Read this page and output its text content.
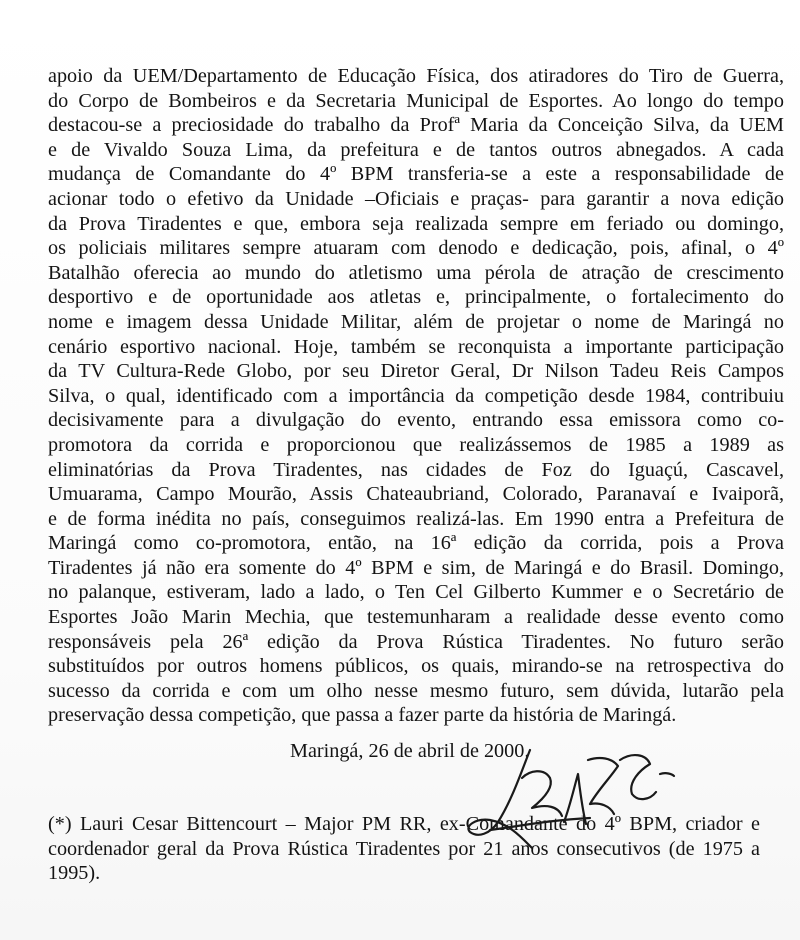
apoio da UEM/Departamento de Educação Física, dos atiradores do Tiro de Guerra,
do Corpo de Bombeiros e da Secretaria Municipal de Esportes. Ao longo do tempo
destacou-se a preciosidade do trabalho da Profª Maria da Conceição Silva, da UEM
e de Vivaldo Souza Lima, da prefeitura e de tantos outros abnegados. A cada
mudança de Comandante do 4º BPM transferia-se a este a responsabilidade de
acionar todo o efetivo da Unidade –Oficiais e praças- para garantir a nova edição
da Prova Tiradentes e que, embora seja realizada sempre em feriado ou domingo,
os policiais militares sempre atuaram com denodo e dedicação, pois, afinal, o 4º
Batalhão oferecia ao mundo do atletismo uma pérola de atração de crescimento
desportivo e de oportunidade aos atletas e, principalmente, o fortalecimento do
nome e imagem dessa Unidade Militar, além de projetar o nome de Maringá no
cenário esportivo nacional. Hoje, também se reconquista a importante participação
da TV Cultura-Rede Globo, por seu Diretor Geral, Dr Nilson Tadeu Reis Campos
Silva, o qual, identificado com a importância da competição desde 1984, contribuiu
decisivamente para a divulgação do evento, entrando essa emissora como co-
promotora da corrida e proporcionou que realizássemos de 1985 a 1989 as
eliminatórias da Prova Tiradentes, nas cidades de Foz do Iguaçú, Cascavel,
Umuarama, Campo Mourão, Assis Chateaubriand, Colorado, Paranavaí e Ivaiporã,
e de forma inédita no país, conseguimos realizá-las. Em 1990 entra a Prefeitura de
Maringá como co-promotora, então, na 16ª edição da corrida, pois a Prova
Tiradentes já não era somente do 4º BPM e sim, de Maringá e do Brasil. Domingo,
no palanque, estiveram, lado a lado, o Ten Cel Gilberto Kummer e o Secretário de
Esportes João Marin Mechia, que testemunharam a realidade desse evento como
responsáveis pela 26ª edição da Prova Rústica Tiradentes. No futuro serão
substituídos por outros homens públicos, os quais, mirando-se na retrospectiva do
sucesso da corrida e com um olho nesse mesmo futuro, sem dúvida, lutarão pela
preservação dessa competição, que passa a fazer parte da história de Maringá.
Maringá, 26 de abril de 2000.
(*) Lauri Cesar Bittencourt – Major PM RR, ex-Comandante do 4º BPM, criador e
coordenador geral da Prova Rústica Tiradentes por 21 anos consecutivos (de 1975 a
1995).
